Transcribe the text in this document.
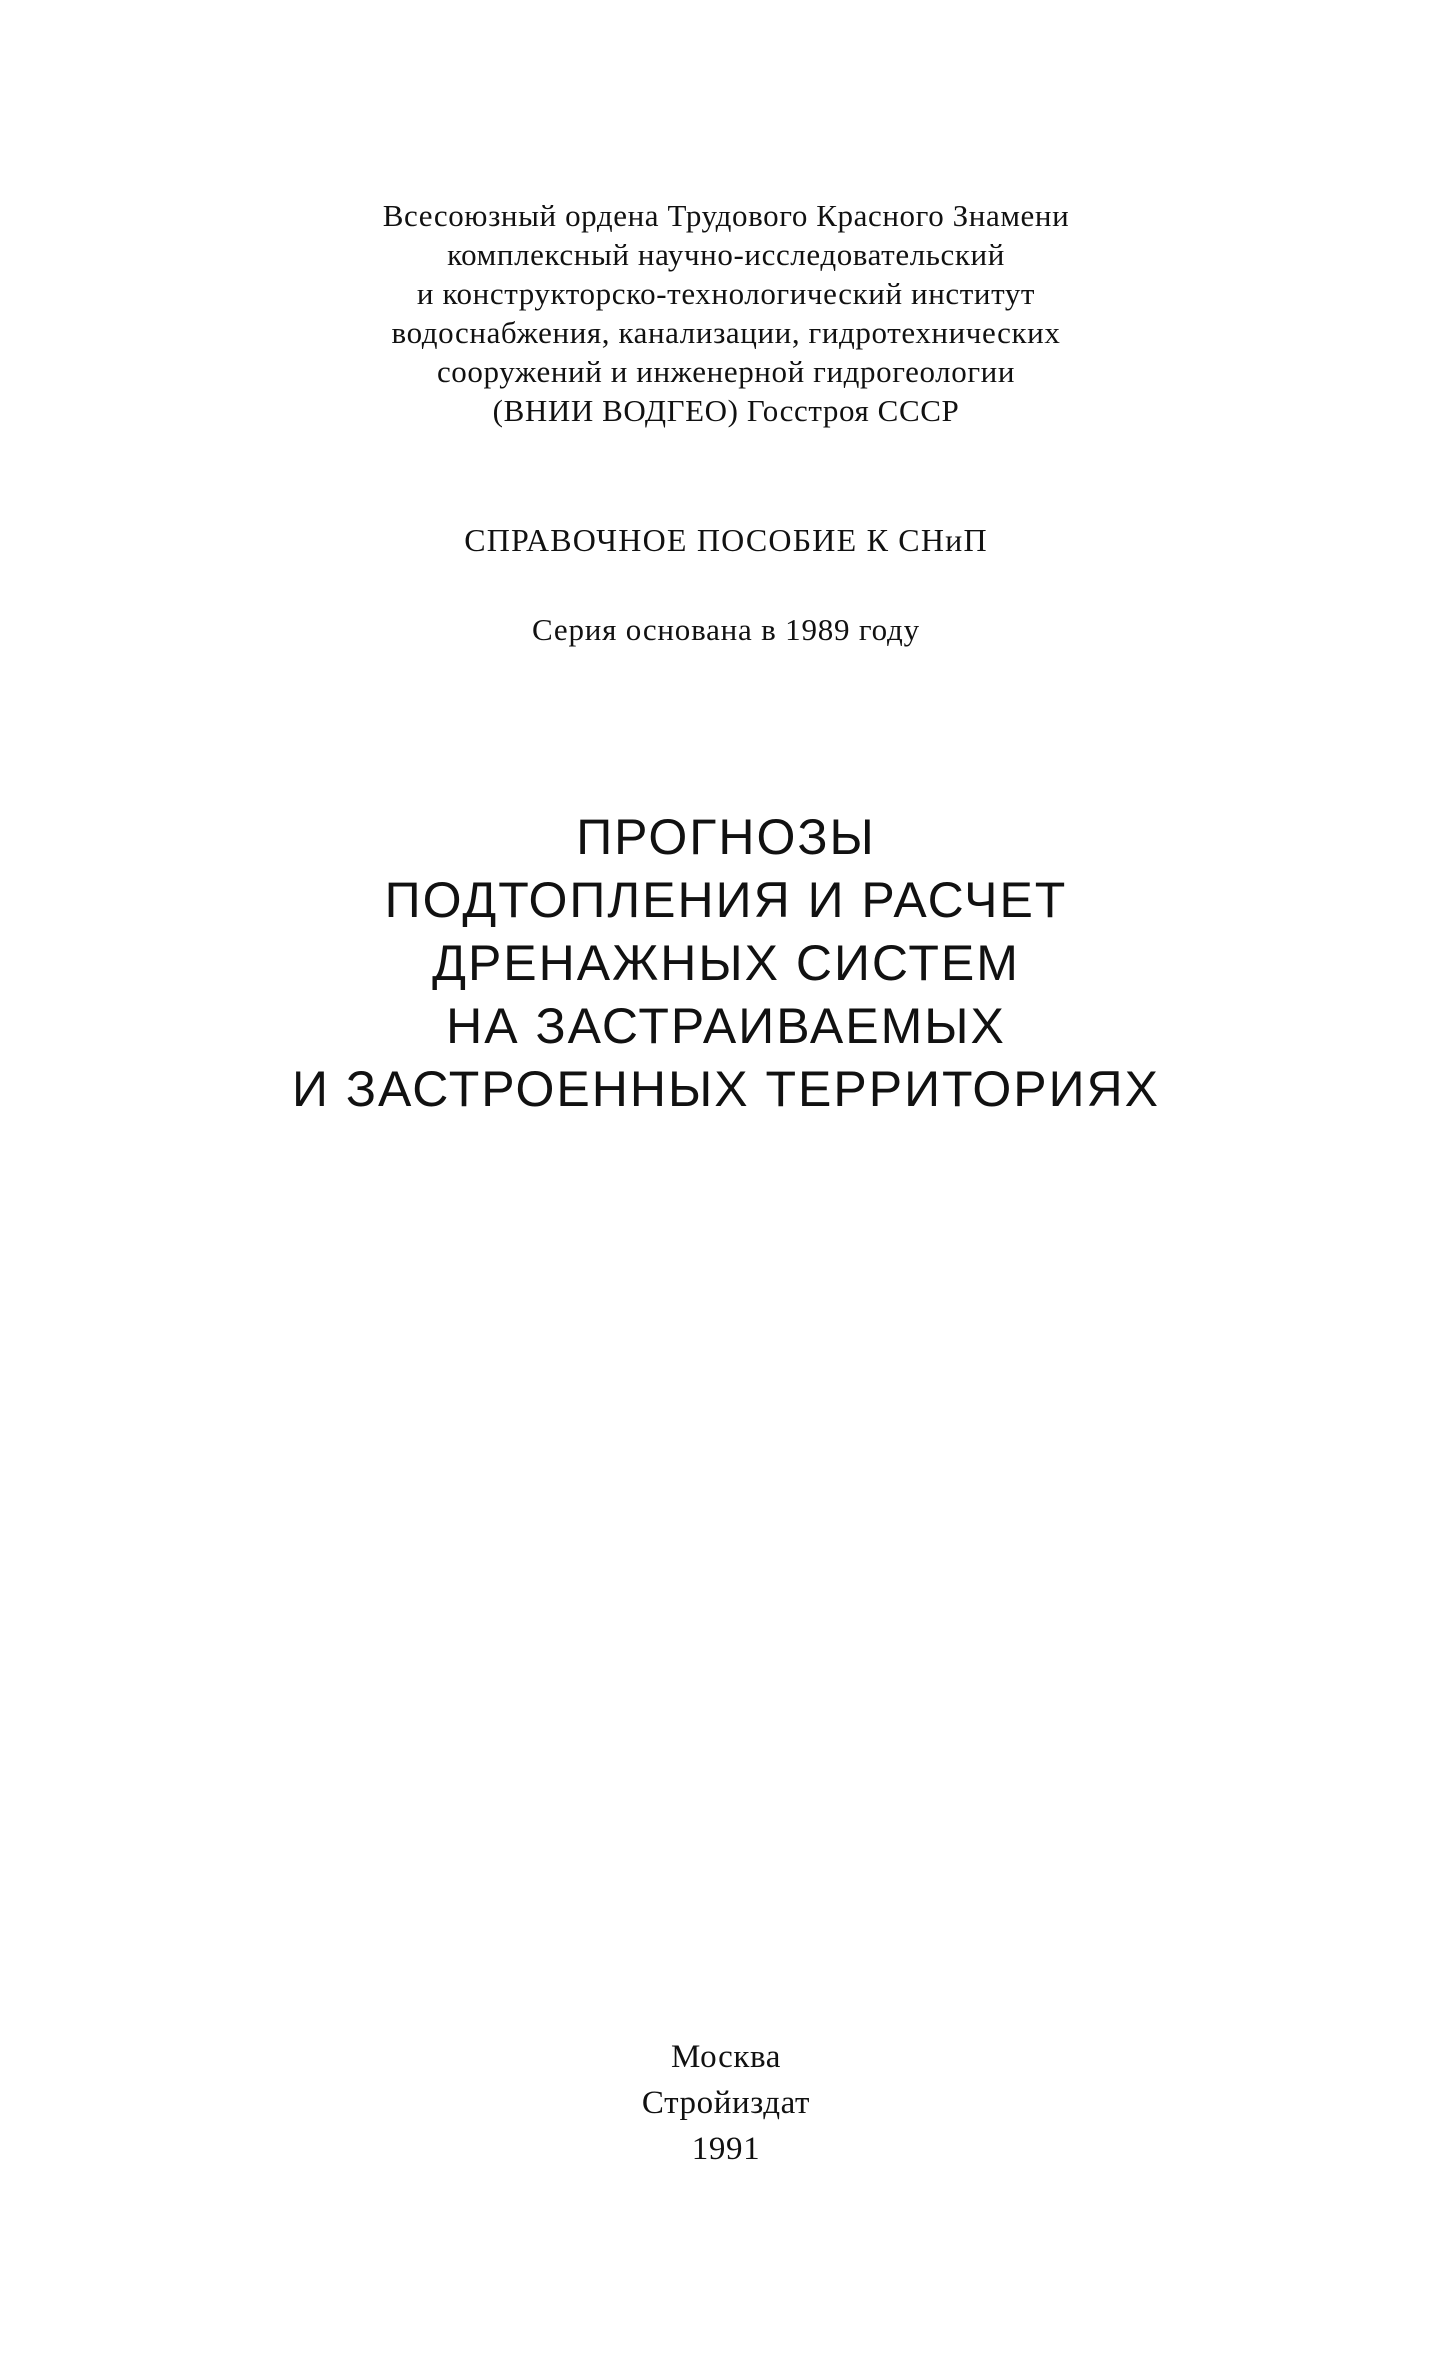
Всесоюзный ордена Трудового Красного Знамени
комплексный научно-исследовательский
и конструкторско-технологический институт
водоснабжения, канализации, гидротехнических
сооружений и инженерной гидрогеологии
(ВНИИ ВОДГЕО) Госстроя СССР
СПРАВОЧНОЕ ПОСОБИЕ К СНиП
Серия основана в 1989 году
ПРОГНОЗЫ
ПОДТОПЛЕНИЯ И РАСЧЕТ
ДРЕНАЖНЫХ СИСТЕМ
НА ЗАСТРАИВАЕМЫХ
И ЗАСТРОЕННЫХ ТЕРРИТОРИЯХ
Москва
Стройиздат
1991
